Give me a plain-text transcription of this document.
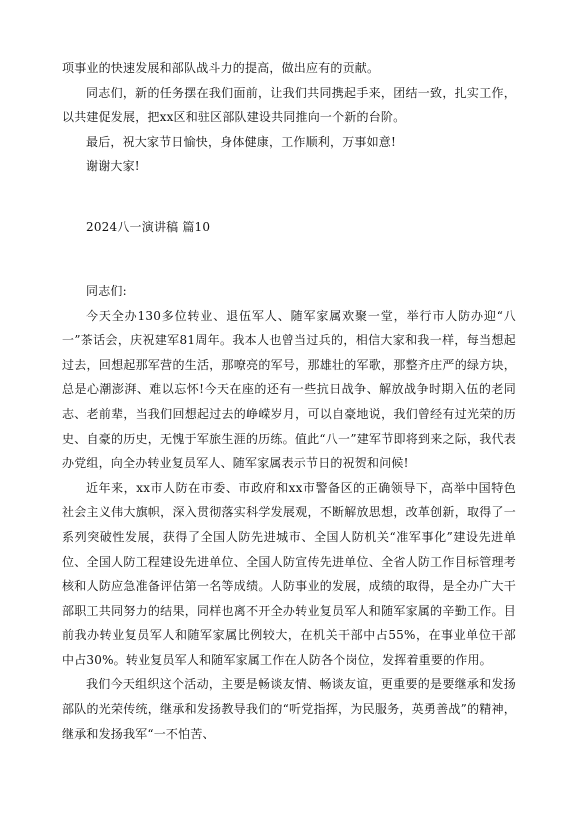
项事业的快速发展和部队战斗力的提高，做出应有的贡献。

同志们，新的任务摆在我们面前，让我们共同携起手来，团结一致，扎实工作，以共建促发展，把xx区和驻区部队建设共同推向一个新的台阶。

最后，祝大家节日愉快，身体健康，工作顺利，万事如意!

谢谢大家!

2024八一演讲稿 篇10

同志们:

今天全办130多位转业、退伍军人、随军家属欢聚一堂，举行市人防办迎“八一”茶话会，庆祝建军81周年。我本人也曾当过兵的，相信大家和我一样，每当想起过去，回想起那军营的生活，那嘹亮的军号，那雄壮的军歌，那整齐庄严的绿方块，总是心潮澎湃、难以忘怀!今天在座的还有一些抗日战争、解放战争时期入伍的老同志、老前辈，当我们回想起过去的峥嵘岁月，可以自豪地说，我们曾经有过光荣的历史、自豪的历史，无愧于军旅生涯的历练。值此“八一”建军节即将到来之际，我代表办党组，向全办转业复员军人、随军家属表示节日的祝贺和问候!

近年来，xx市人防在市委、市政府和xx市警备区的正确领导下，高举中国特色社会主义伟大旗帜，深入贯彻落实科学发展观，不断解放思想，改革创新，取得了一系列突破性发展，获得了全国人防先进城市、全国人防机关“准军事化”建设先进单位、全国人防工程建设先进单位、全国人防宣传先进单位、全省人防工作目标管理考核和人防应急准备评估第一名等成绩。人防事业的发展，成绩的取得，是全办广大干部职工共同努力的结果，同样也离不开全办转业复员军人和随军家属的辛勤工作。目前我办转业复员军人和随军家属比例较大，在机关干部中占55%，在事业单位干部中占30%。转业复员军人和随军家属工作在人防各个岗位，发挥着重要的作用。

我们今天组织这个活动，主要是畅谈友情、畅谈友谊，更重要的是要继承和发扬部队的光荣传统，继承和发扬教导我们的“听党指挥，为民服务，英勇善战”的精神，继承和发扬我军“一不怕苦、
